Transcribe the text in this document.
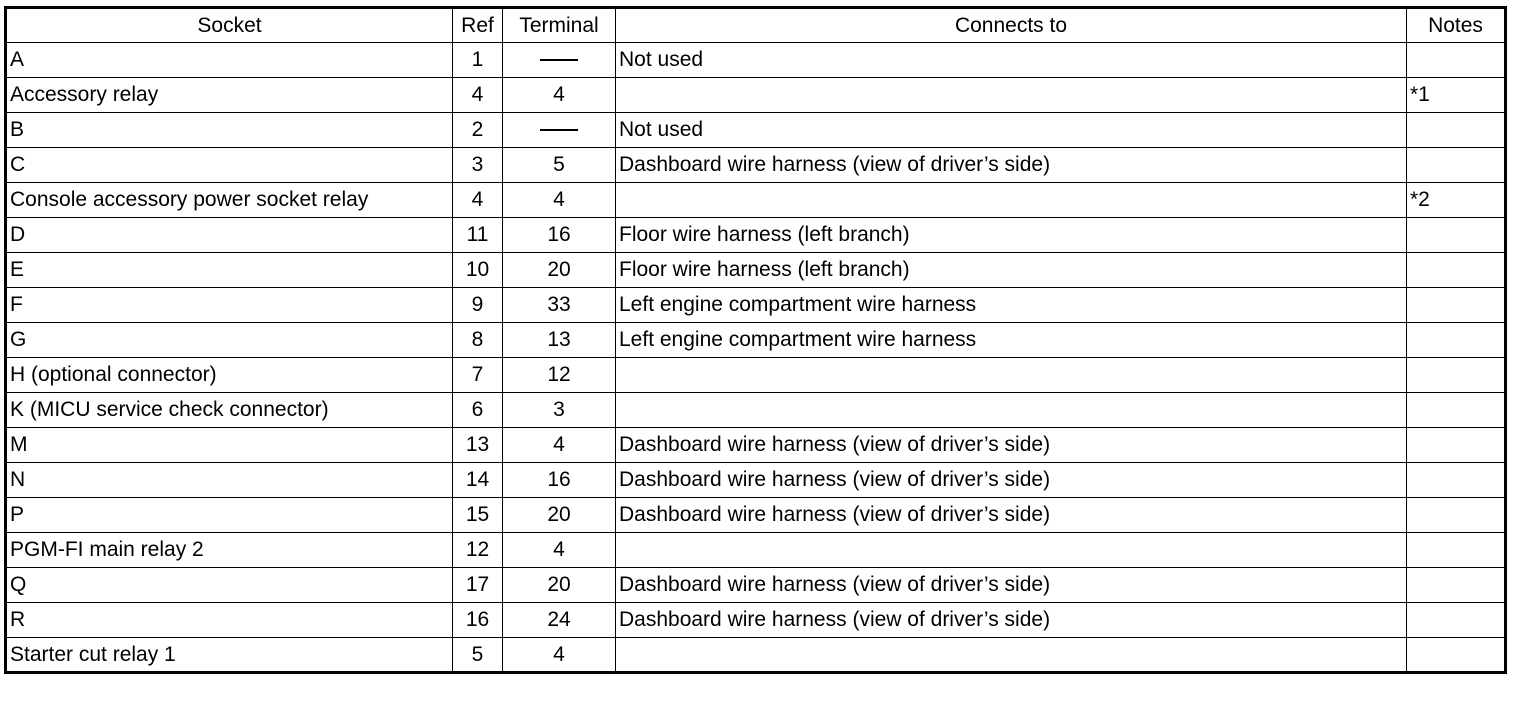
Socket	Ref	Terminal	Connects to	Notes
A	1		Not used	
Accessory relay	4	4		*1
B	2		Not used	
C	3	5	Dashboard wire harness (view of driver’s side)	
Console accessory power socket relay	4	4		*2
D	11	16	Floor wire harness (left branch)	
E	10	20	Floor wire harness (left branch)	
F	9	33	Left engine compartment wire harness	
G	8	13	Left engine compartment wire harness	
H (optional connector)	7	12		
K (MICU service check connector)	6	3		
M	13	4	Dashboard wire harness (view of driver’s side)	
N	14	16	Dashboard wire harness (view of driver’s side)	
P	15	20	Dashboard wire harness (view of driver’s side)	
PGM-FI main relay 2	12	4		
Q	17	20	Dashboard wire harness (view of driver’s side)	
R	16	24	Dashboard wire harness (view of driver’s side)	
Starter cut relay 1	5	4		
